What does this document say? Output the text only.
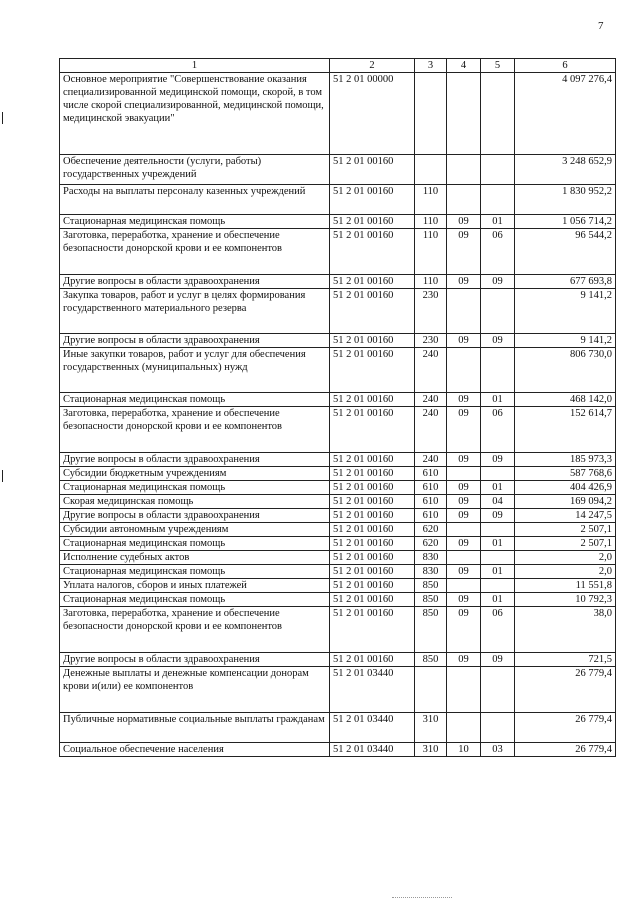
7
1	2	3	4	5	6
Основное мероприятие "Совершенствование оказания специализированной медицинской помощи, скорой, в том числе скорой специализированной, медицинской помощи, медицинской эвакуации"	51 2 01 00000				4 097 276,4
Обеспечение деятельности (услуги, работы) государственных учреждений	51 2 01 00160				3 248 652,9
Расходы на выплаты персоналу казенных учреждений	51 2 01 00160	110			1 830 952,2
Стационарная медицинская помощь	51 2 01 00160	110	09	01	1 056 714,2
Заготовка, переработка, хранение и обеспечение безопасности донорской крови и ее компонентов	51 2 01 00160	110	09	06	96 544,2
Другие вопросы в области здравоохранения	51 2 01 00160	110	09	09	677 693,8
Закупка товаров, работ и услуг в целях формирования государственного материального резерва	51 2 01 00160	230			9 141,2
Другие вопросы в области здравоохранения	51 2 01 00160	230	09	09	9 141,2
Иные закупки товаров, работ и услуг для обеспечения государственных (муниципальных) нужд	51 2 01 00160	240			806 730,0
Стационарная медицинская помощь	51 2 01 00160	240	09	01	468 142,0
Заготовка, переработка, хранение и обеспечение безопасности донорской крови и ее компонентов	51 2 01 00160	240	09	06	152 614,7
Другие вопросы в области здравоохранения	51 2 01 00160	240	09	09	185 973,3
Субсидии бюджетным учреждениям	51 2 01 00160	610			587 768,6
Стационарная медицинская помощь	51 2 01 00160	610	09	01	404 426,9
Скорая медицинская помощь	51 2 01 00160	610	09	04	169 094,2
Другие вопросы в области здравоохранения	51 2 01 00160	610	09	09	14 247,5
Субсидии автономным учреждениям	51 2 01 00160	620			2 507,1
Стационарная медицинская помощь	51 2 01 00160	620	09	01	2 507,1
Исполнение судебных актов	51 2 01 00160	830			2,0
Стационарная медицинская помощь	51 2 01 00160	830	09	01	2,0
Уплата налогов, сборов и иных платежей	51 2 01 00160	850			11 551,8
Стационарная медицинская помощь	51 2 01 00160	850	09	01	10 792,3
Заготовка, переработка, хранение и обеспечение безопасности донорской крови и ее компонентов	51 2 01 00160	850	09	06	38,0
Другие вопросы в области здравоохранения	51 2 01 00160	850	09	09	721,5
Денежные выплаты и денежные компенсации донорам крови и(или) ее компонентов	51 2 01 03440				26 779,4
Публичные нормативные социальные выплаты гражданам	51 2 01 03440	310			26 779,4
Социальное обеспечение населения	51 2 01 03440	310	10	03	26 779,4
